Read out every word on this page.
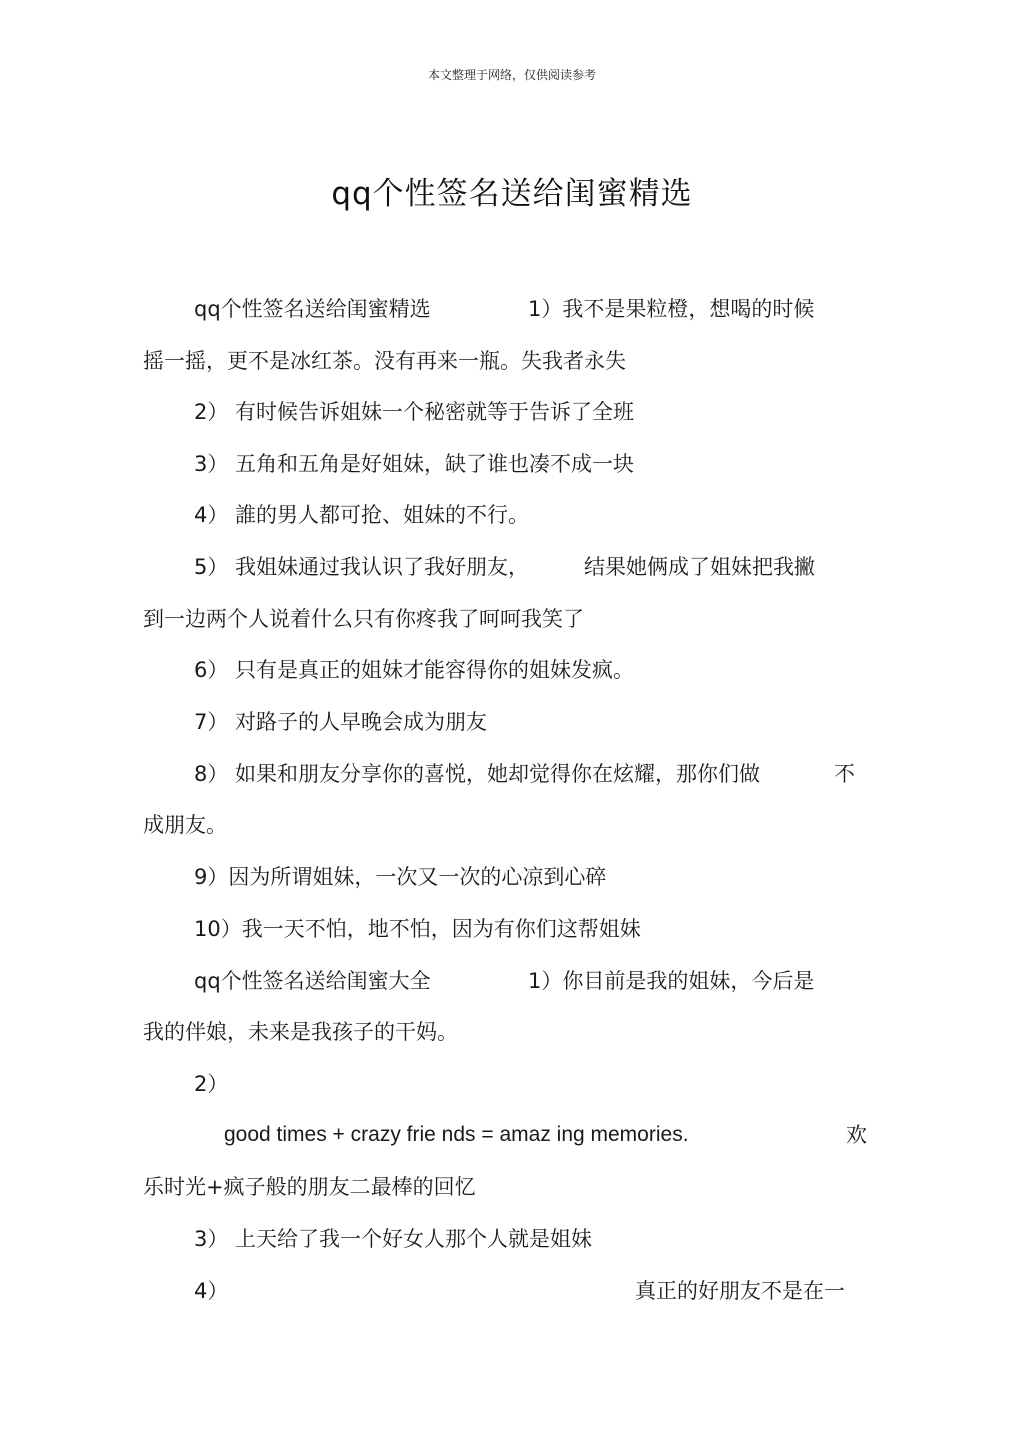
本文整理于网络，仅供阅读参考
qq个性签名送给闺蜜精选
qq个性签名送给闺蜜精选	1）我不是果粒橙，想喝的时候
摇一摇，更不是冰红茶。没有再来一瓶。失我者永失
2） 有时候告诉姐妹一个秘密就等于告诉了全班
3） 五角和五角是好姐妹，缺了谁也凑不成一块
4） 誰的男人都可抢、姐妹的不行。
5） 我姐妹通过我认识了我好朋友，	结果她俩成了姐妹把我撇
到一边两个人说着什么只有你疼我了呵呵我笑了
6） 只有是真正的姐妹才能容得你的姐妹发疯。
7） 对路子的人早晚会成为朋友
8） 如果和朋友分享你的喜悦，她却觉得你在炫耀，那你们做	不
成朋友。
9）因为所谓姐妹，一次又一次的心凉到心碎
10）我一天不怕，地不怕，因为有你们这帮姐妹
qq个性签名送给闺蜜大全	1）你目前是我的姐妹，今后是
我的伴娘，未来是我孩子的干妈。
2）
good times + crazy frie nds = amaz ing memories.	欢
乐时光+疯子般的朋友二最棒的回忆
3） 上天给了我一个好女人那个人就是姐妹
4）	真正的好朋友不是在一
